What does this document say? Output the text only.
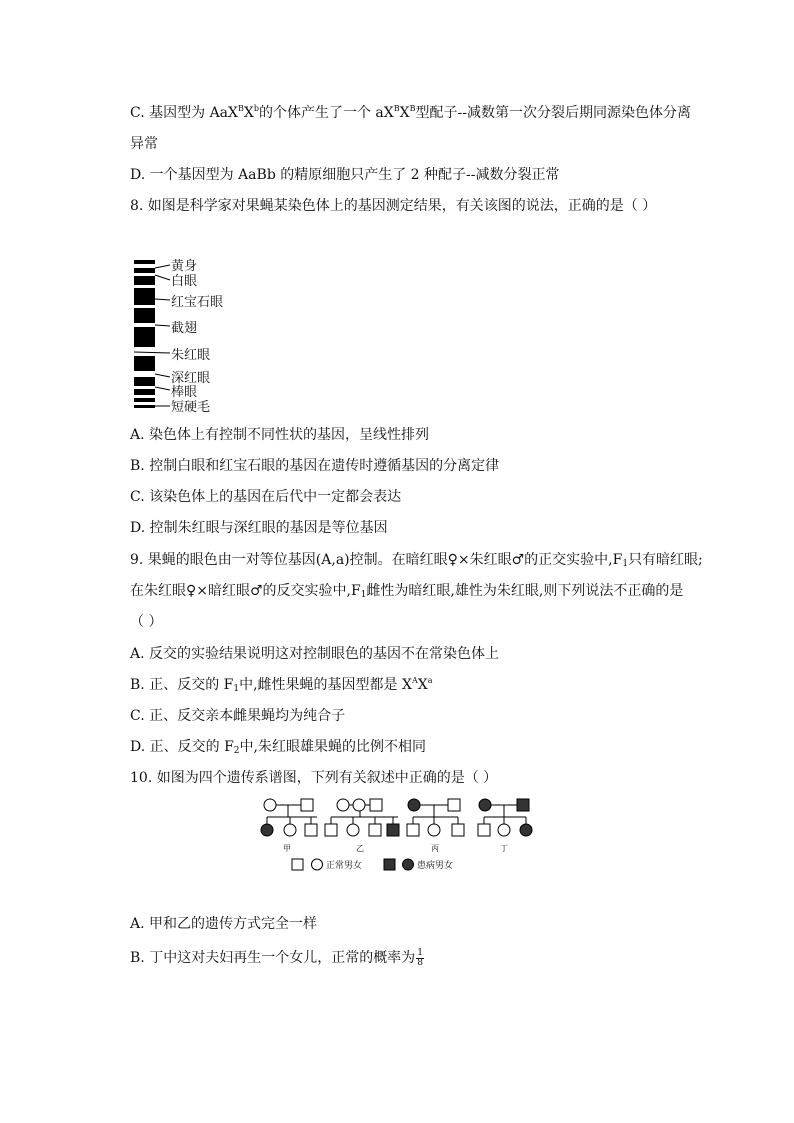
C. 基因型为 $AaX^BX^b$的个体产生了一个 $aX^BX^B$型配子--减数第一次分裂后期同源染色体分离
异常
D. 一个基因型为 AaBb 的精原细胞只产生了 2 种配子--减数分裂正常
8. 如图是科学家对果蝇某染色体上的基因测定结果，有关该图的说法，正确的是（ ）
黄身
白眼
红宝石眼
截翅
朱红眼
深红眼
棒眼
短硬毛
A. 染色体上有控制不同性状的基因，呈线性排列
B. 控制白眼和红宝石眼的基因在遗传时遵循基因的分离定律
C. 该染色体上的基因在后代中一定都会表达
D. 控制朱红眼与深红眼的基因是等位基因
9. 果蝇的眼色由一对等位基因(A,a)控制。在暗红眼♀×朱红眼♂的正交实验中$,F_1$只有暗红眼;
在朱红眼♀×暗红眼♂的反交实验中$,F_1$雌性为暗红眼,雄性为朱红眼,则下列说法不正确的是
（ ）
A. 反交的实验结果说明这对控制眼色的基因不在常染色体上
B. 正、反交的 $F_1$中,雌性果蝇的基因型都是 $X^AX^a$
C. 正、反交亲本雌果蝇均为纯合子
D. 正、反交的 $F_2$中,朱红眼雄果蝇的比例不相同
10. 如图为四个遗传系谱图，下列有关叙述中正确的是（ ）
甲	乙	丙	丁
正常男女	患病男女
A. 甲和乙的遗传方式完全一样
B. 丁中这对夫妇再生一个女儿，正常的概率为 $\frac{1}{8}$
